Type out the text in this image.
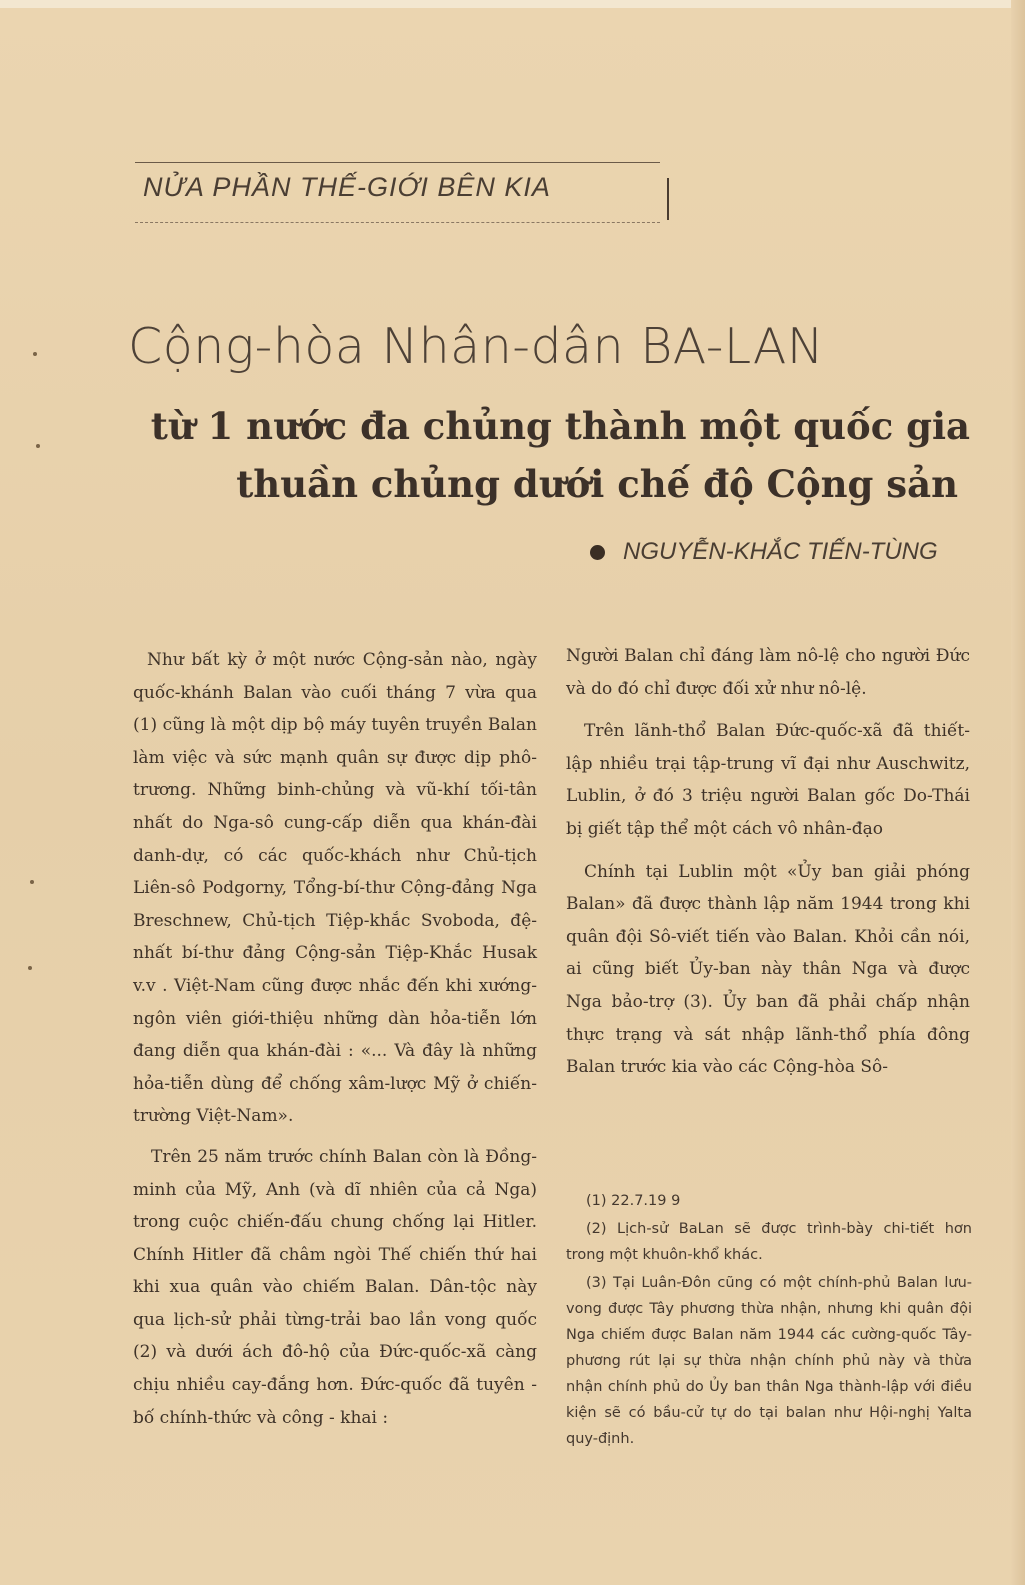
NỬA PHẦN THẾ-GIỚI BÊN KIA
Cộng-hòa Nhân-dân BA-LAN
từ 1 nước đa chủng thành một quốc gia
thuần chủng dưới chế độ Cộng sản
NGUYỄN-KHẮC TIẾN-TÙNG

Như bất kỳ ở một nước Cộng-sản nào, ngày quốc-khánh Balan vào cuối tháng 7 vừa qua (1) cũng là một dịp bộ máy tuyên truyền Balan làm việc và sức mạnh quân sự được dịp phô-trương. Những binh-chủng và vũ-khí tối-tân nhất do Nga-sô cung-cấp diễn qua khán-đài danh-dự, có các quốc-khách như Chủ-tịch Liên-sô Podgorny, Tổng-bí-thư Cộng-đảng Nga Breschnew, Chủ-tịch Tiệp-khắc Svoboda, đệ-nhất bí-thư đảng Cộng-sản Tiệp-Khắc Husak v.v . Việt-Nam cũng được nhắc đến khi xướng-ngôn viên giới-thiệu những dàn hỏa-tiễn lớn đang diễn qua khán-đài : «... Và đây là những hỏa-tiễn dùng để chống xâm-lược Mỹ ở chiến-trường Việt-Nam».

Trên 25 năm trước chính Balan còn là Đồng-minh của Mỹ, Anh (và dĩ nhiên của cả Nga) trong cuộc chiến-đấu chung chống lại Hitler. Chính Hitler đã châm ngòi Thế chiến thứ hai khi xua quân vào chiếm Balan. Dân-tộc này qua lịch-sử phải từng-trải bao lần vong quốc (2) và dưới ách đô-hộ của Đức-quốc-xã càng chịu nhiều cay-đắng hơn. Đức-quốc đã tuyên - bố chính-thức và công - khai :

Người Balan chỉ đáng làm nô-lệ cho người Đức và do đó chỉ được đối xử như nô-lệ.

Trên lãnh-thổ Balan Đức-quốc-xã đã thiết-lập nhiều trại tập-trung vĩ đại như Auschwitz, Lublin, ở đó 3 triệu người Balan gốc Do-Thái bị giết tập thể một cách vô nhân-đạo

Chính tại Lublin một «Ủy ban giải phóng Balan» đã được thành lập năm 1944 trong khi quân đội Sô-viết tiến vào Balan. Khỏi cần nói, ai cũng biết Ủy-ban này thân Nga và được Nga bảo-trợ (3). Ủy ban đã phải chấp nhận thực trạng và sát nhập lãnh-thổ phía đông Balan trước kia vào các Cộng-hòa Sô-

(1) 22.7.19 9

(2) Lịch-sử BaLan sẽ được trình-bày chi-tiết hơn trong một khuôn-khổ khác.

(3) Tại Luân-Đôn cũng có một chính-phủ Balan lưu-vong được Tây phương thừa nhận, nhưng khi quân đội Nga chiếm được Balan năm 1944 các cường-quốc Tây-phương rút lại sự thừa nhận chính phủ này và thừa nhận chính phủ do Ủy ban thân Nga thành-lập với điều kiện sẽ có bầu-cử tự do tại balan như Hội-nghị Yalta quy-định.
